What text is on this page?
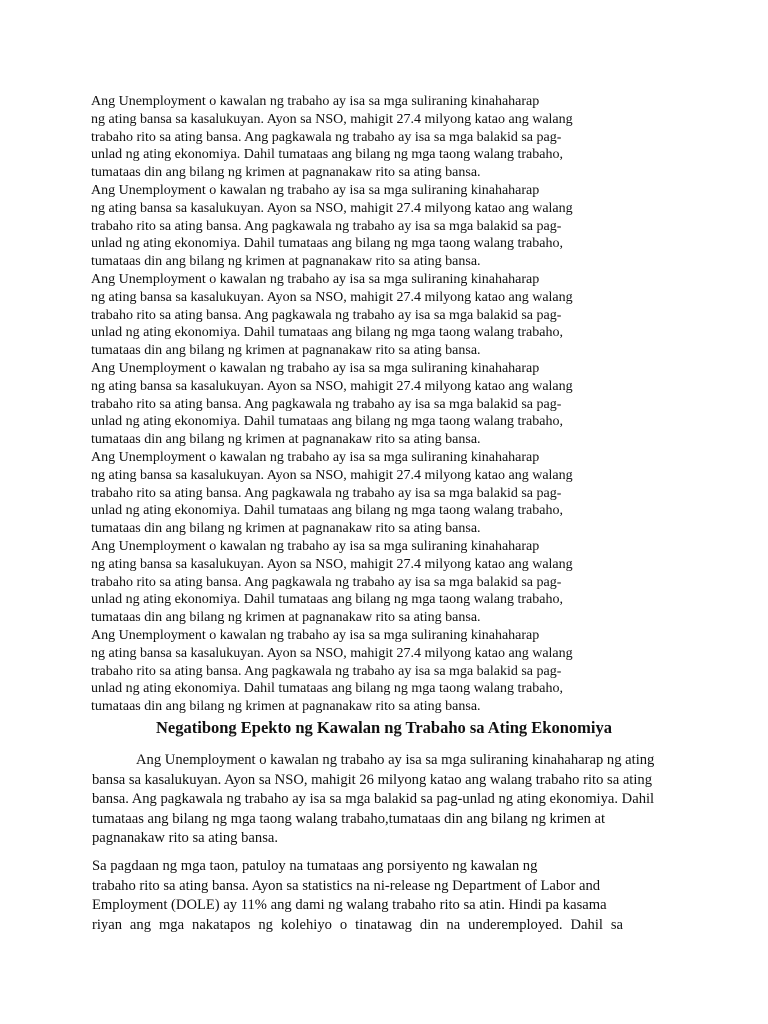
Ang Unemployment o kawalan ng trabaho ay isa sa mga suliraning kinahaharap
ng ating bansa sa kasalukuyan. Ayon sa NSO, mahigit 27.4 milyong katao ang walang
trabaho rito sa ating bansa. Ang pagkawala ng trabaho ay isa sa mga balakid sa pag-
unlad ng ating ekonomiya. Dahil tumataas ang bilang ng mga taong walang trabaho,
tumataas din ang bilang ng krimen at pagnanakaw rito sa ating bansa.
Ang Unemployment o kawalan ng trabaho ay isa sa mga suliraning kinahaharap
ng ating bansa sa kasalukuyan. Ayon sa NSO, mahigit 27.4 milyong katao ang walang
trabaho rito sa ating bansa. Ang pagkawala ng trabaho ay isa sa mga balakid sa pag-
unlad ng ating ekonomiya. Dahil tumataas ang bilang ng mga taong walang trabaho,
tumataas din ang bilang ng krimen at pagnanakaw rito sa ating bansa.
Ang Unemployment o kawalan ng trabaho ay isa sa mga suliraning kinahaharap
ng ating bansa sa kasalukuyan. Ayon sa NSO, mahigit 27.4 milyong katao ang walang
trabaho rito sa ating bansa. Ang pagkawala ng trabaho ay isa sa mga balakid sa pag-
unlad ng ating ekonomiya. Dahil tumataas ang bilang ng mga taong walang trabaho,
tumataas din ang bilang ng krimen at pagnanakaw rito sa ating bansa.
Ang Unemployment o kawalan ng trabaho ay isa sa mga suliraning kinahaharap
ng ating bansa sa kasalukuyan. Ayon sa NSO, mahigit 27.4 milyong katao ang walang
trabaho rito sa ating bansa. Ang pagkawala ng trabaho ay isa sa mga balakid sa pag-
unlad ng ating ekonomiya. Dahil tumataas ang bilang ng mga taong walang trabaho,
tumataas din ang bilang ng krimen at pagnanakaw rito sa ating bansa.
Ang Unemployment o kawalan ng trabaho ay isa sa mga suliraning kinahaharap
ng ating bansa sa kasalukuyan. Ayon sa NSO, mahigit 27.4 milyong katao ang walang
trabaho rito sa ating bansa. Ang pagkawala ng trabaho ay isa sa mga balakid sa pag-
unlad ng ating ekonomiya. Dahil tumataas ang bilang ng mga taong walang trabaho,
tumataas din ang bilang ng krimen at pagnanakaw rito sa ating bansa.
Ang Unemployment o kawalan ng trabaho ay isa sa mga suliraning kinahaharap
ng ating bansa sa kasalukuyan. Ayon sa NSO, mahigit 27.4 milyong katao ang walang
trabaho rito sa ating bansa. Ang pagkawala ng trabaho ay isa sa mga balakid sa pag-
unlad ng ating ekonomiya. Dahil tumataas ang bilang ng mga taong walang trabaho,
tumataas din ang bilang ng krimen at pagnanakaw rito sa ating bansa.
Ang Unemployment o kawalan ng trabaho ay isa sa mga suliraning kinahaharap
ng ating bansa sa kasalukuyan. Ayon sa NSO, mahigit 27.4 milyong katao ang walang
trabaho rito sa ating bansa. Ang pagkawala ng trabaho ay isa sa mga balakid sa pag-
unlad ng ating ekonomiya. Dahil tumataas ang bilang ng mga taong walang trabaho,
tumataas din ang bilang ng krimen at pagnanakaw rito sa ating bansa.
Negatibong Epekto ng Kawalan ng Trabaho sa Ating Ekonomiya
Ang Unemployment o kawalan ng trabaho ay isa sa mga suliraning kinahaharap ng ating
bansa sa kasalukuyan. Ayon sa NSO, mahigit 26 milyong katao ang walang trabaho rito sa ating
bansa. Ang pagkawala ng trabaho ay isa sa mga balakid sa pag-unlad ng ating ekonomiya. Dahil
tumataas ang bilang ng mga taong walang trabaho,tumataas din ang bilang ng krimen at
pagnanakaw rito sa ating bansa.
Sa pagdaan ng mga taon, patuloy na tumataas ang porsiyento ng kawalan ng
trabaho rito sa ating bansa. Ayon sa statistics na ni-release ng Department of Labor and
Employment (DOLE) ay 11% ang dami ng walang trabaho rito sa atin. Hindi pa kasama
riyan ang mga nakatapos ng kolehiyo o tinatawag din na underemployed. Dahil sa
